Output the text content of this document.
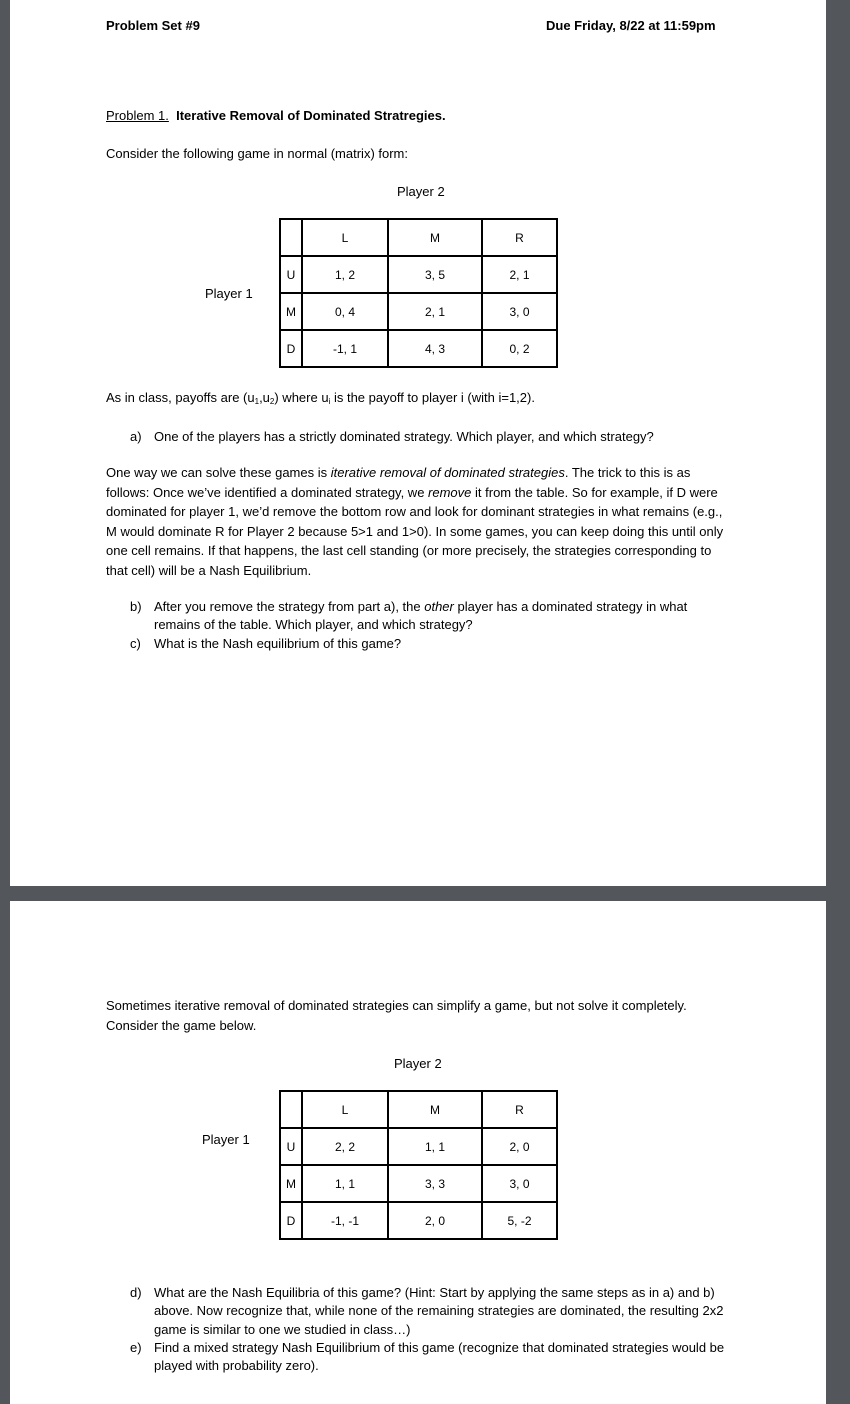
Problem Set #9	Due Friday, 8/22 at 11:59pm
Problem 1. Iterative Removal of Dominated Stratregies.
Consider the following game in normal (matrix) form:
Player 2
Player 1
	L	M	R
U	1, 2	3, 5	2, 1
M	0, 4	2, 1	3, 0
D	-1, 1	4, 3	0, 2
As in class, payoffs are $(u_1,u_2)$ where $u_i$ is the payoff to player i (with i=1,2).
a) One of the players has a strictly dominated strategy. Which player, and which strategy?
One way we can solve these games is iterative removal of dominated strategies. The trick to this is as follows: Once we’ve identified a dominated strategy, we remove it from the table. So for example, if D were dominated for player 1, we’d remove the bottom row and look for dominant strategies in what remains (e.g., M would dominate R for Player 2 because 5>1 and 1>0). In some games, you can keep doing this until only one cell remains. If that happens, the last cell standing (or more precisely, the strategies corresponding to that cell) will be a Nash Equilibrium.
b) After you remove the strategy from part a), the other player has a dominated strategy in what remains of the table. Which player, and which strategy?
c) What is the Nash equilibrium of this game?
Sometimes iterative removal of dominated strategies can simplify a game, but not solve it completely. Consider the game below.
Player 2
Player 1
	L	M	R
U	2, 2	1, 1	2, 0
M	1, 1	3, 3	3, 0
D	-1, -1	2, 0	5, -2
d) What are the Nash Equilibria of this game? (Hint: Start by applying the same steps as in a) and b) above. Now recognize that, while none of the remaining strategies are dominated, the resulting 2x2 game is similar to one we studied in class…)
e) Find a mixed strategy Nash Equilibrium of this game (recognize that dominated strategies would be played with probability zero).
